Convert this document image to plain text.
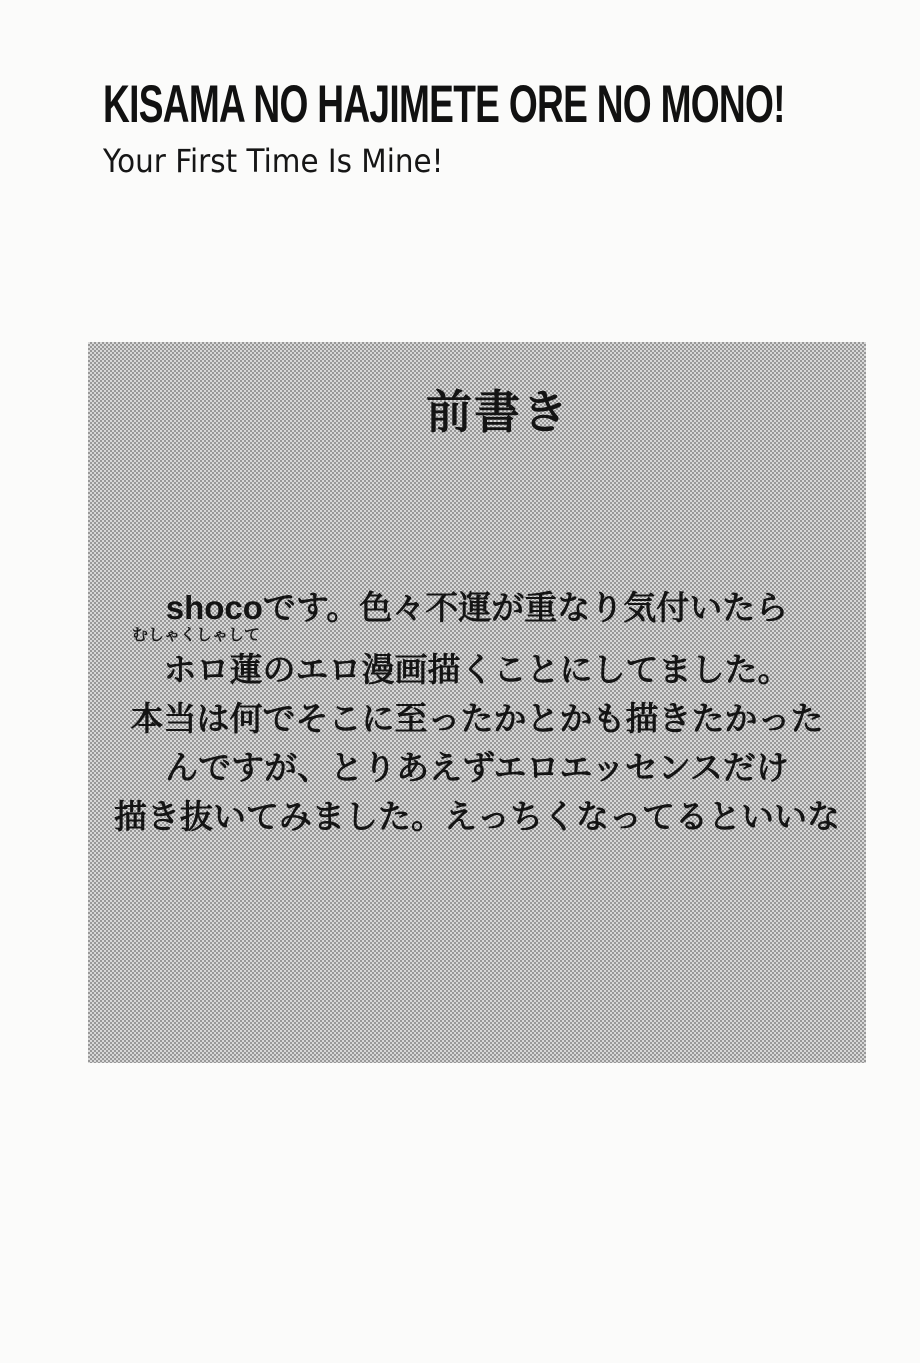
KISAMA NO HAJIMETE ORE NO MONO!
Your First Time Is Mine!
前書き
shocoです。色々不運が重なり気付いたら
むしゃくしゃして
ホロ蓮のエロ漫画描くことにしてました。
本当は何でそこに至ったかとかも描きたかった
んですが、とりあえずエロエッセンスだけ
描き抜いてみました。えっちくなってるといいな
